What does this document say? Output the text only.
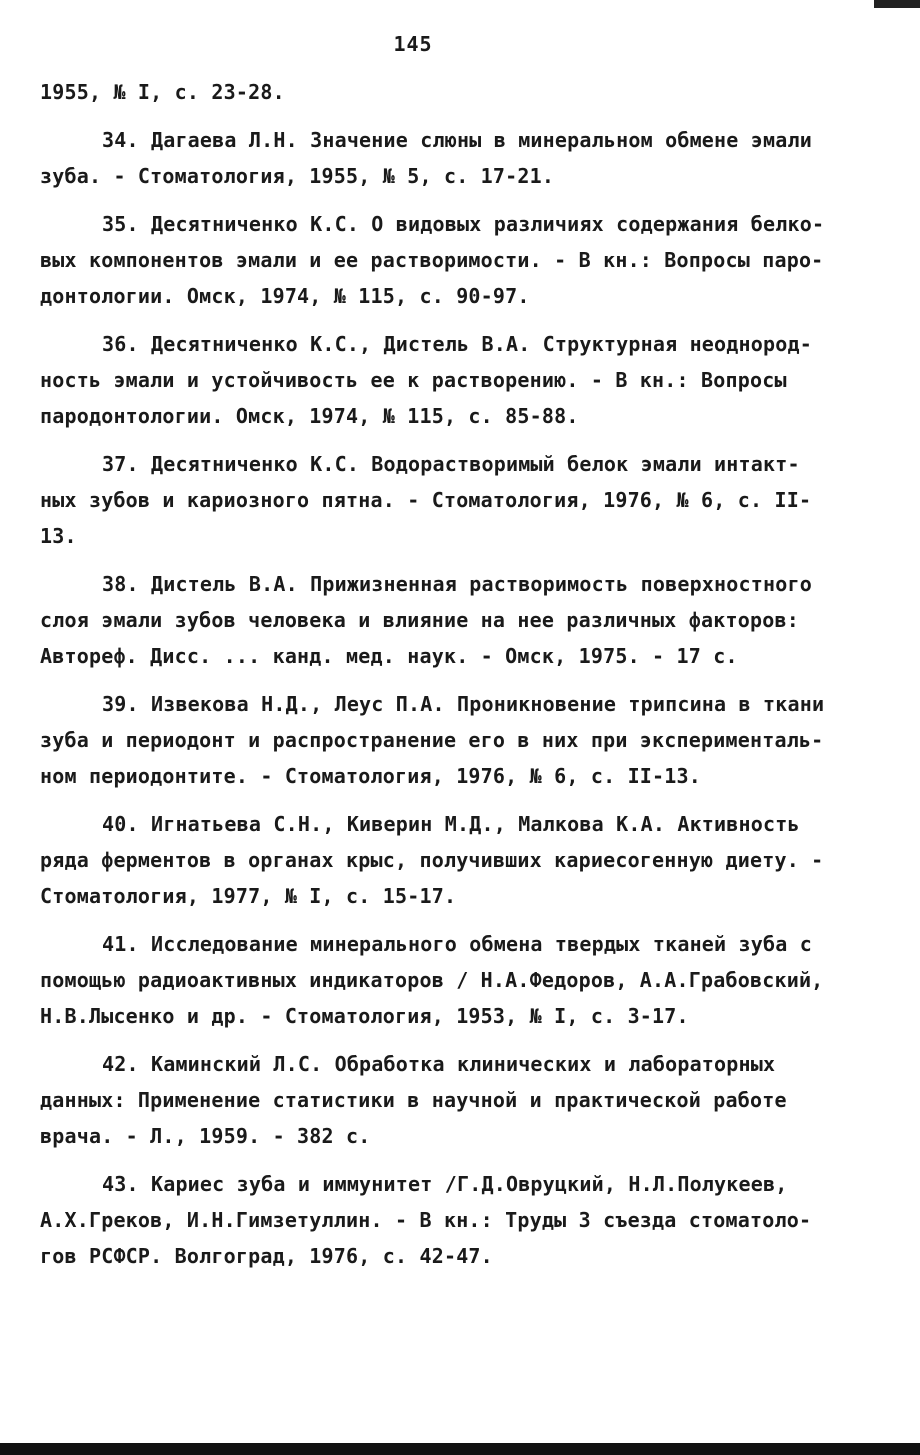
145
1955, № I, с. 23-28.
34. Дагаева Л.Н. Значение слюны в минеральном обмене эмали
зуба. - Стоматология, 1955, № 5, с. 17-21.
35. Десятниченко К.С. О видовых различиях содержания белко-
вых компонентов эмали и ее растворимости. - В кн.: Вопросы паро-
донтологии. Омск, 1974, № 115, с. 90-97.
36. Десятниченко К.С., Дистель В.А. Структурная неоднород-
ность эмали и устойчивость ее к растворению. - В кн.: Вопросы
пародонтологии. Омск, 1974, № 115, с. 85-88.
37. Десятниченко К.С. Водорастворимый белок эмали интакт-
ных зубов и кариозного пятна. - Стоматология, 1976, № 6, с. II-
13.
38. Дистель В.А. Прижизненная растворимость поверхностного
слоя эмали зубов человека и влияние на нее различных факторов:
Автореф. Дисс. ... канд. мед. наук. - Омск, 1975. - 17 с.
39. Извекова Н.Д., Леус П.А. Проникновение трипсина в ткани
зуба и периодонт и распространение его в них при эксперименталь-
ном периодонтите. - Стоматология, 1976, № 6, с. II-13.
40. Игнатьева С.Н., Киверин М.Д., Малкова К.А. Активность
ряда ферментов в органах крыс, получивших кариесогенную диету. -
Стоматология, 1977, № I, с. 15-17.
41. Исследование минерального обмена твердых тканей зуба с
помощью радиоактивных индикаторов / Н.А.Федоров, А.А.Грабовский,
Н.В.Лысенко и др. - Стоматология, 1953, № I, с. 3-17.
42. Каминский Л.С. Обработка клинических и лабораторных
данных: Применение статистики в научной и практической работе
врача. - Л., 1959. - 382 с.
43. Кариес зуба и иммунитет /Г.Д.Овруцкий, Н.Л.Полукеев,
А.Х.Греков, И.Н.Гимзетуллин. - В кн.: Труды 3 съезда стоматоло-
гов РСФСР. Волгоград, 1976, с. 42-47.
